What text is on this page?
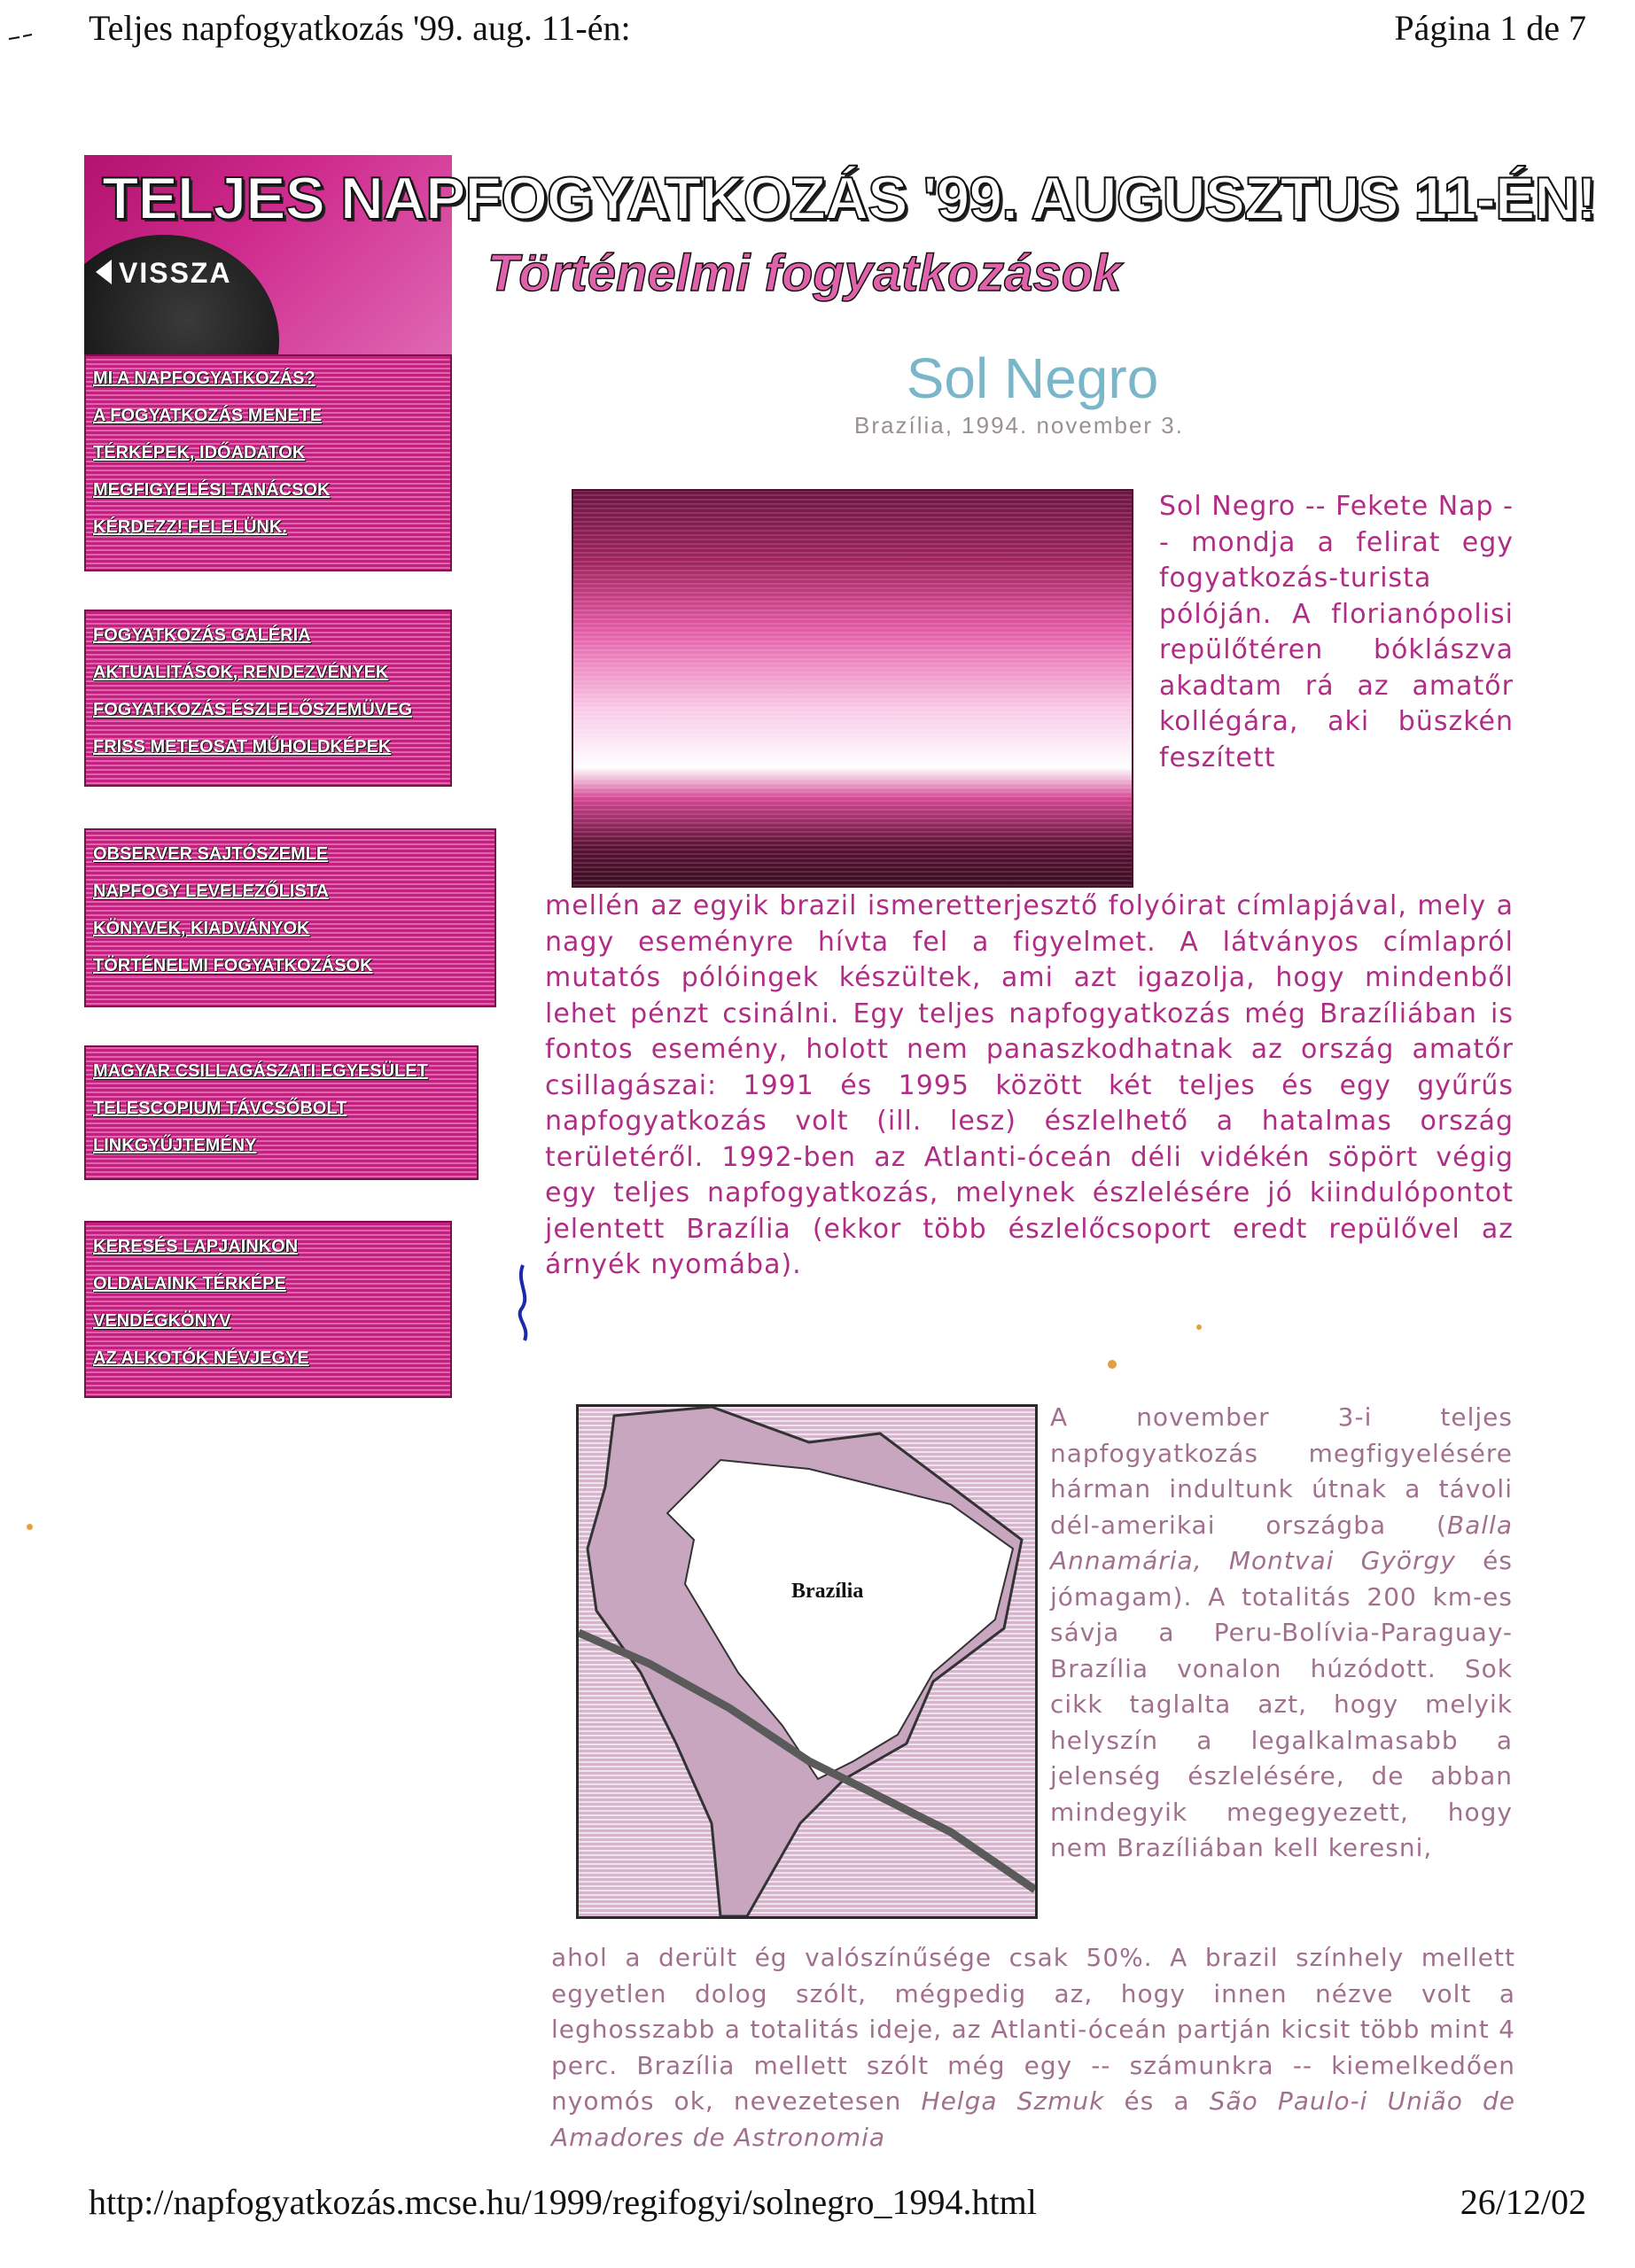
Teljes napfogyatkozás '99. aug. 11-én:	Página 1 de 7
TELJES NAPFOGYATKOZÁS '99. AUGUSZTUS 11-ÉN!
VISSZA	Történelmi fogyatkozások
MI A NAPFOGYATKOZÁS?
A FOGYATKOZÁS MENETE
TÉRKÉPEK, IDŐADATOK
MEGFIGYELÉSI TANÁCSOK
KÉRDEZZ! FELELÜNK.
FOGYATKOZÁS GALÉRIA
AKTUALITÁSOK, RENDEZVÉNYEK
FOGYATKOZÁS ÉSZLELŐSZEMÜVEG
FRISS METEOSAT MŰHOLDKÉPEK
OBSERVER SAJTÓSZEMLE
NAPFOGY LEVELEZŐLISTA
KÖNYVEK, KIADVÁNYOK
TÖRTÉNELMI FOGYATKOZÁSOK
MAGYAR CSILLAGÁSZATI EGYESÜLET
TELESCOPIUM TÁVCSŐBOLT
LINKGYŰJTEMÉNY
KERESÉS LAPJAINKON
OLDALAINK TÉRKÉPE
VENDÉGKÖNYV
AZ ALKOTÓK NÉVJEGYE
Sol Negro
Brazília, 1994. november 3.

Sol Negro -- Fekete Nap -- mondja a felirat egy fogyatkozás-turista pólóján. A florianópolisi repülőtéren bóklászva akadtam rá az amatőr kollégára, aki büszkén feszített

mellén az egyik brazil ismeretterjesztő folyóirat címlapjával, mely a nagy eseményre hívta fel a figyelmet. A látványos címlapról mutatós pólóingek készültek, ami azt igazolja, hogy mindenből lehet pénzt csinálni. Egy teljes napfogyatkozás még Brazíliában is fontos esemény, holott nem panaszkodhatnak az ország amatőr csillagászai: 1991 és 1995 között két teljes és egy gyűrűs napfogyatkozás volt (ill. lesz) észlelhető a hatalmas ország területéről. 1992-ben az Atlanti-óceán déli vidékén söpört végig egy teljes napfogyatkozás, melynek észlelésére jó kiindulópontot jelentett Brazília (ekkor több észlelőcsoport eredt repülővel az árnyék nyomába).

Brazília

A november 3-i teljes napfogyatkozás megfigyelésére hárman indultunk útnak a távoli dél-amerikai országba (Balla Annamária, Montvai György és jómagam). A totalitás 200 km-es sávja a Peru-Bolívia-Paraguay-Brazília vonalon húzódott. Sok cikk taglalta azt, hogy melyik helyszín a legalkalmasabb a jelenség észlelésére, de abban mindegyik megegyezett, hogy nem Brazíliában kell keresni,

ahol a derült ég valószínűsége csak 50%. A brazil színhely mellett egyetlen dolog szólt, mégpedig az, hogy innen nézve volt a leghosszabb a totalitás ideje, az Atlanti-óceán partján kicsit több mint 4 perc. Brazília mellett szólt még egy -- számunkra -- kiemelkedően nyomós ok, nevezetesen Helga Szmuk és a São Paulo-i União de Amadores de Astronomia

http://napfogyatkozás.mcse.hu/1999/regifogyi/solnegro_1994.html	26/12/02
